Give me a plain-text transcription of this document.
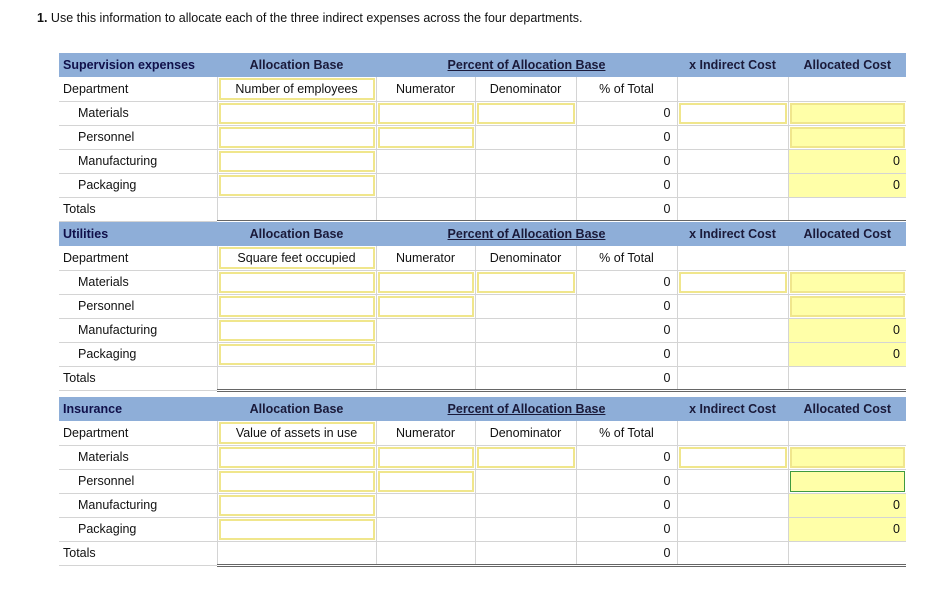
1. Use this information to allocate each of the three indirect expenses across the four departments.
Supervision expenses	Allocation Base	Percent of Allocation Base			x Indirect Cost	Allocated Cost
Department	Number of employees	Numerator	Denominator	% of Total		
Materials				0	

Personnel				0		

Manufacturing				0		0
Packaging				0		0
Totals				0		
Utilities	Allocation Base	Percent of Allocation Base			x Indirect Cost	Allocated Cost
Department	Square feet occupied	Numerator	Denominator	% of Total		
Materials				0	

Personnel				0		

Manufacturing				0		0
Packaging				0		0
Totals				0		
Insurance	Allocation Base	Percent of Allocation Base			x Indirect Cost	Allocated Cost
Department	Value of assets in use	Numerator	Denominator	% of Total		
Materials				0	

Personnel				0		

Manufacturing				0		0
Packaging				0		0
Totals				0		
